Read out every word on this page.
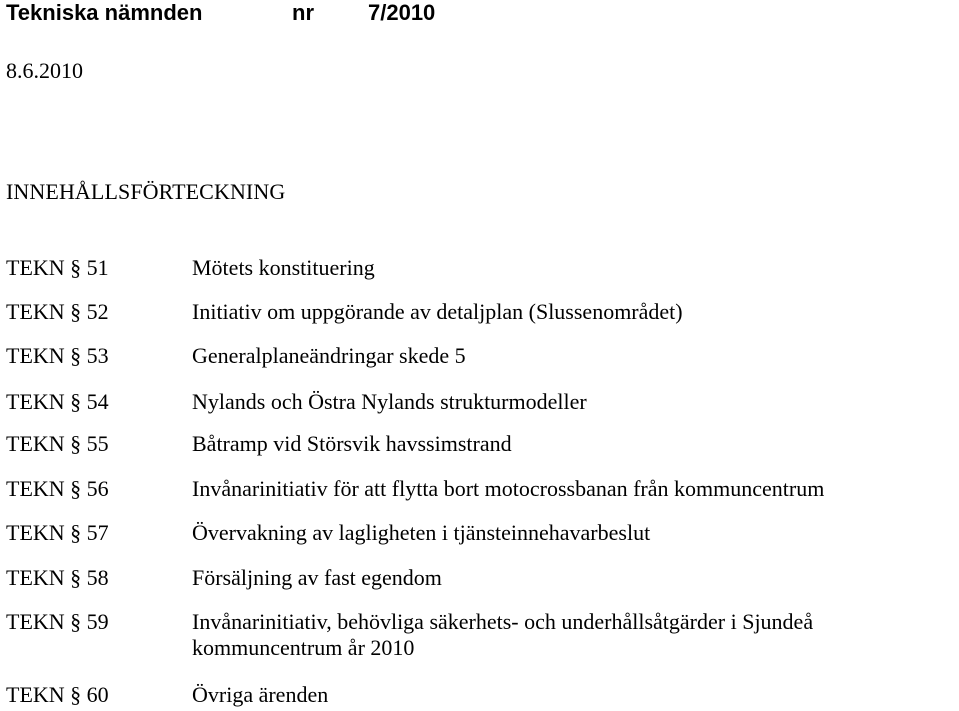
Tekniska nämnden	nr 7/2010
8.6.2010
INNEHÅLLSFÖRTECKNING
TEKN § 51	Mötets konstituering
TEKN § 52	Initiativ om uppgörande av detaljplan (Slussenområdet)
TEKN § 53	Generalplaneändringar skede 5
TEKN § 54	Nylands och Östra Nylands strukturmodeller
TEKN § 55	Båtramp vid Störsvik havssimstrand
TEKN § 56	Invånarinitiativ för att flytta bort motocrossbanan från kommuncentrum
TEKN § 57	Övervakning av lagligheten i tjänsteinnehavarbeslut
TEKN § 58	Försäljning av fast egendom
TEKN § 59	Invånarinitiativ, behövliga säkerhets- och underhållsåtgärder i Sjundeå
kommuncentrum år 2010
TEKN § 60	Övriga ärenden
